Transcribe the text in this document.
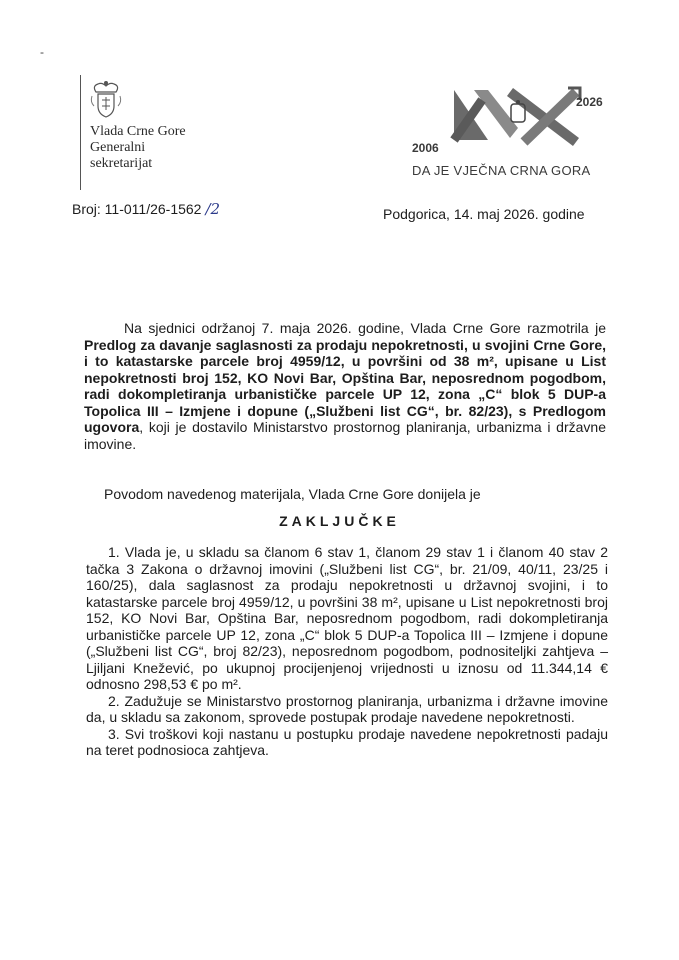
-
Vlada Crne Gore
Generalni
sekretarijat
2006
2026
DA JE VJEČNA CRNA GORA
Broj: 11-011/26-1562 /2	Podgorica, 14. maj 2026. godine
Na sjednici održanoj 7. maja 2026. godine, Vlada Crne Gore razmotrila je Predlog za davanje saglasnosti za prodaju nepokretnosti, u svojini Crne Gore, i to katastarske parcele broj 4959/12, u površini od 38 m², upisane u List nepokretnosti broj 152, KO Novi Bar, Opština Bar, neposrednom pogodbom, radi dokompletiranja urbanističke parcele UP 12, zona „C“ blok 5 DUP-a Topolica III – Izmjene i dopune („Službeni list CG“, br. 82/23), s Predlogom ugovora, koji je dostavilo Ministarstvo prostornog planiranja, urbanizma i državne imovine.
Povodom navedenog materijala, Vlada Crne Gore donijela je
ZAKLJUČKE

1. Vlada je, u skladu sa članom 6 stav 1, članom 29 stav 1 i članom 40 stav 2 tačka 3 Zakona o državnoj imovini („Službeni list CG“, br. 21/09, 40/11, 23/25 i 160/25), dala saglasnost za prodaju nepokretnosti u državnoj svojini, i to katastarske parcele broj 4959/12, u površini 38 m², upisane u List nepokretnosti broj 152, KO Novi Bar, Opština Bar, neposrednom pogodbom, radi dokompletiranja urbanističke parcele UP 12, zona „C“ blok 5 DUP-a Topolica III – Izmjene i dopune („Službeni list CG“, broj 82/23), neposrednom pogodbom, podnositeljki zahtjeva – Ljiljani Knežević, po ukupnoj procijenjenoj vrijednosti u iznosu od 11.344,14 € odnosno 298,53 € po m².

2. Zadužuje se Ministarstvo prostornog planiranja, urbanizma i državne imovine da, u skladu sa zakonom, sprovede postupak prodaje navedene nepokretnosti.

3. Svi troškovi koji nastanu u postupku prodaje navedene nepokretnosti padaju na teret podnosioca zahtjeva.
